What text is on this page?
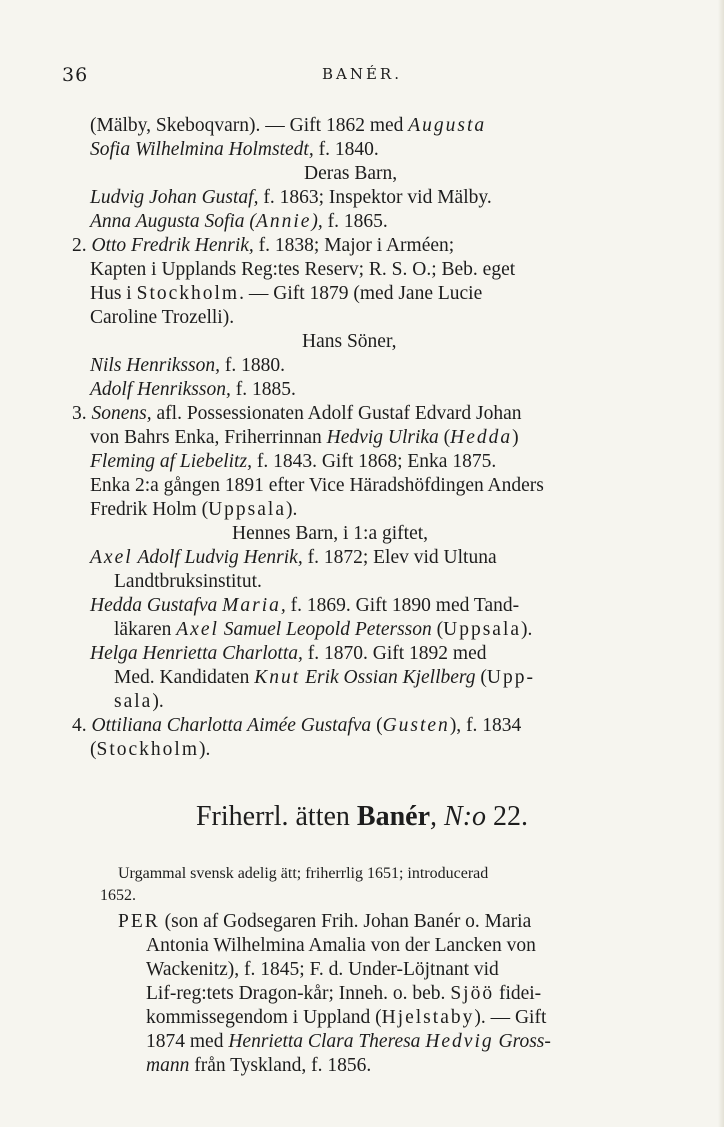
36	BANÉR.
(Mälby, Skeboqvarn). — Gift 1862 med Augusta
Sofia Wilhelmina Holmstedt, f. 1840.
Deras Barn,
Ludvig Johan Gustaf, f. 1863; Inspektor vid Mälby.
Anna Augusta Sofia (Annie), f. 1865.
2. Otto Fredrik Henrik, f. 1838; Major i Arméen;
Kapten i Upplands Reg:tes Reserv; R. S. O.; Beb. eget
Hus i Stockholm. — Gift 1879 (med Jane Lucie
Caroline Trozelli).
Hans Söner,
Nils Henriksson, f. 1880.
Adolf Henriksson, f. 1885.
3. Sonens, afl. Possessionaten Adolf Gustaf Edvard Johan
von Bahrs Enka, Friherrinnan Hedvig Ulrika (Hedda)
Fleming af Liebelitz, f. 1843. Gift 1868; Enka 1875.
Enka 2:a gången 1891 efter Vice Häradshöfdingen Anders
Fredrik Holm (Uppsala).
Hennes Barn, i 1:a giftet,
Axel Adolf Ludvig Henrik, f. 1872; Elev vid Ultuna
Landtbruksinstitut.
Hedda Gustafva Maria, f. 1869. Gift 1890 med Tand-
läkaren Axel Samuel Leopold Petersson (Uppsala).
Helga Henrietta Charlotta, f. 1870. Gift 1892 med
Med. Kandidaten Knut Erik Ossian Kjellberg (Upp-
sala).
4. Ottiliana Charlotta Aimée Gustafva (Gusten), f. 1834
(Stockholm).
Friherrl. ätten Banér, N:o 22.
Urgammal svensk adelig ätt; friherrlig 1651; introducerad
1652.
PER (son af Godsegaren Frih. Johan Banér o. Maria
Antonia Wilhelmina Amalia von der Lancken von
Wackenitz), f. 1845; F. d. Under-Löjtnant vid
Lif-reg:tets Dragon-kår; Inneh. o. beb. Sjöö fidei-
kommissegendom i Uppland (Hjelstaby). — Gift
1874 med Henrietta Clara Theresa Hedvig Gross-
mann från Tyskland, f. 1856.
